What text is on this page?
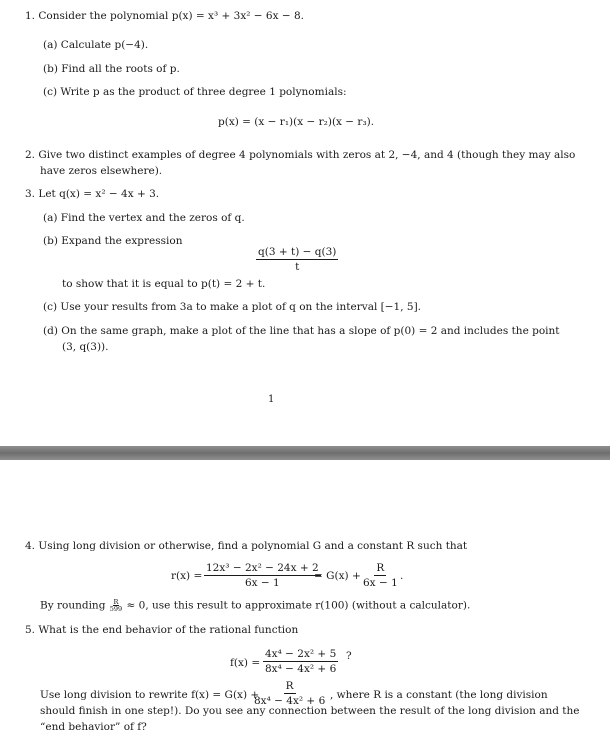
1. Consider the polynomial p(x) = x³ + 3x² − 6x − 8.
(a) Calculate p(−4).
(b) Find all the roots of p.
(c) Write p as the product of three degree 1 polynomials:
p(x) = (x − r₁)(x − r₂)(x − r₃).
2. Give two distinct examples of degree 4 polynomials with zeros at 2, −4, and 4 (though they may also
have zeros elsewhere).
3. Let q(x) = x² − 4x + 3.
(a) Find the vertex and the zeros of q.
(b) Expand the expression
$\frac{q(3 + t) - q(3)}{t}$
to show that it is equal to p(t) = 2 + t.
(c) Use your results from 3a to make a plot of q on the interval [−1, 5].
(d) On the same graph, make a plot of the line that has a slope of p(0) = 2 and includes the point
(3, q(3)).
1
4. Using long division or otherwise, find a polynomial G and a constant R such that
$r(x) = \frac{\text{12x³ − 2x² − 24x + 2}}{6x - 1}$
= $G(x) + \frac{R}{6x - 1}$ .
By rounding $\frac{R}{599} \approx 0$, use this result to approximate r(100) (without a calculator).
5. What is the end behavior of the rational function
$f(x) = \frac{\text{4x⁴ − 2x² + 5}}{\text{8x⁴ − 4x² + 6}}$ ?
Use long division to rewrite f(x) = G(x) +
$\frac{R}{\text{8x⁴ − 4x² + 6}}$ , where R is a constant (the long division
should finish in one step!). Do you see any connection between the result of the long division and the
“end behavior” of f?
